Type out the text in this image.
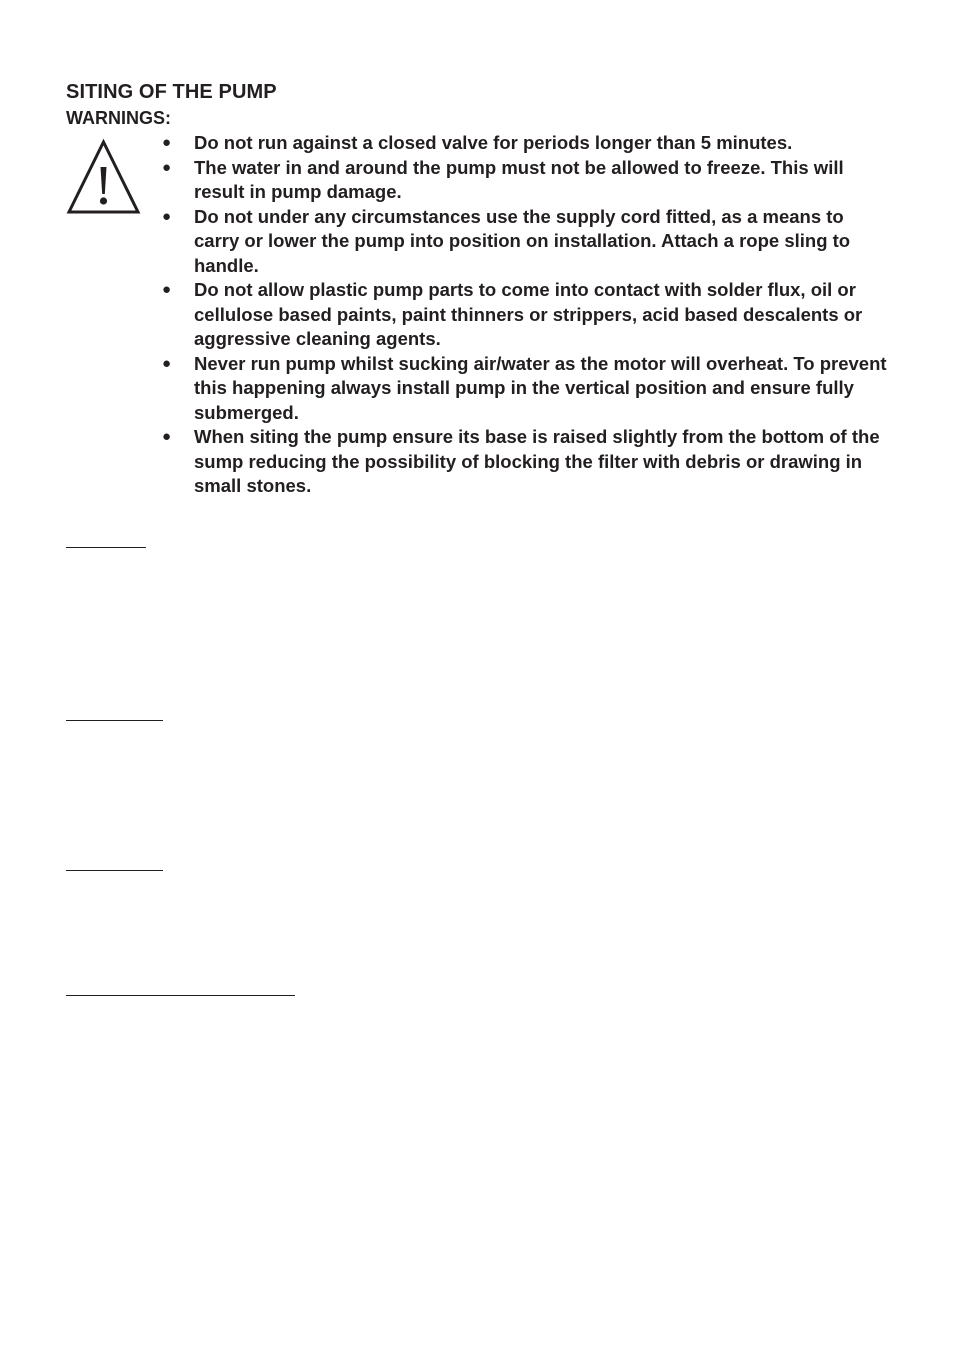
SITING OF THE PUMP
WARNINGS:
● Do not run against a closed valve for periods longer than 5 minutes.
● The water in and around the pump must not be allowed to freeze. This will result in pump damage.
● Do not under any circumstances use the supply cord fitted, as a means to carry or lower the pump into position on installation. Attach a rope sling to handle.
● Do not allow plastic pump parts to come into contact with solder flux, oil or cellulose based paints, paint thinners or strippers, acid based descalents or aggressive cleaning agents.
● Never run pump whilst sucking air/water as the motor will overheat. To prevent this happening always install pump in the vertical position and ensure fully submerged.
● When siting the pump ensure its base is raised slightly from the bottom of the sump reducing the possibility of blocking the filter with debris or drawing in small stones.
